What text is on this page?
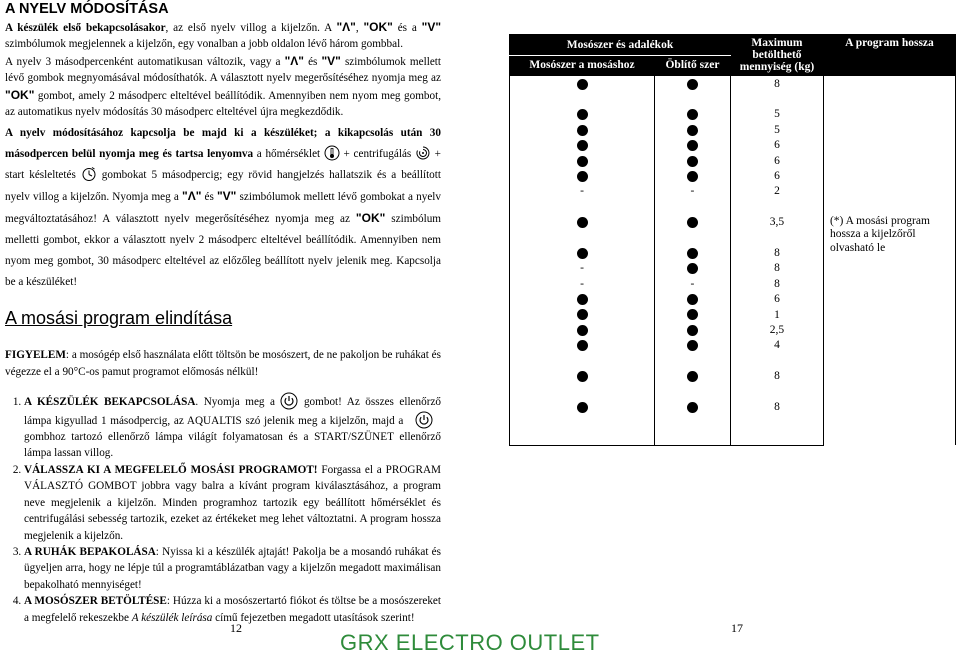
A NYELV MÓDOSÍTÁSA

A készülék első bekapcsolásakor, az első nyelv villog a kijelzőn. A "Λ", "OK" és a "V" szimbólumok megjelennek a kijelzőn, egy vonalban a jobb oldalon lévő három gombbal.

A nyelv 3 másodpercenként automatikusan változik, vagy a "Λ" és "V" szimbólumok mellett lévő gombok megnyomásával módosíthatók. A választott nyelv megerősítéséhez nyomja meg az "OK" gombot, amely 2 másodperc elteltével beállítódik. Amennyiben nem nyom meg gombot, az automatikus nyelv módosítás 30 másodperc elteltével újra megkezdődik.

A nyelv módosításához kapcsolja be majd ki a készüléket; a kikapcsolás után 30 másodpercen belül nyomja meg és tartsa lenyomva a hőmérséklet  + centrifugálás  + start késleltetés  gombokat 5 másodpercig; egy rövid hangjelzés hallatszik és a beállított nyelv villog a kijelzőn. Nyomja meg a "Λ" és "V" szimbólumok mellett lévő gombokat a nyelv megváltoztatásához! A választott nyelv megerősítéséhez nyomja meg az "OK" szimbólum melletti gombot, ekkor a választott nyelv 2 másodperc elteltével beállítódik. Amennyiben nem nyom meg gombot, 30 másodperc elteltével az előzőleg beállított nyelv jelenik meg. Kapcsolja be a készüléket!

A mosási program elindítása

FIGYELEM: a mosógép első használata előtt töltsön be mosószert, de ne pakoljon be ruhákat és végezze el a 90°C-os pamut programot előmosás nélkül!

1. A KÉSZÜLÉK BEKAPCSOLÁSA. Nyomja meg a  gombot! Az összes ellenőrző lámpa kigyullad 1 másodpercig, az AQUALTIS szó jelenik meg a kijelzőn, majd a  gombhoz tartozó ellenőrző lámpa világít folyamatosan és a START/SZÜNET ellenőrző lámpa lassan villog.
2. VÁLASSZA KI A MEGFELELŐ MOSÁSI PROGRAMOT! Forgassa el a PROGRAM VÁLASZTÓ GOMBOT jobbra vagy balra a kívánt program kiválasztásához, a program neve megjelenik a kijelzőn. Minden programhoz tartozik egy beállított hőmérséklet és centrifugálási sebesség tartozik, ezeket az értékeket meg lehet változtatni. A program hossza megjelenik a kijelzőn.
3. A RUHÁK BEPAKOLÁSA: Nyissa ki a készülék ajtaját! Pakolja be a mosandó ruhákat és ügyeljen arra, hogy ne lépje túl a programtáblázatban vagy a kijelzőn megadott maximálisan bepakolható mennyiséget!
4. A MOSÓSZER BETÖLTÉSE: Húzza ki a mosószertartó fiókot és töltse be a mosószereket a megfelelő rekeszekbe A készülék leírása című fejezetben megadott utasítások szerint!
12	17
GRX ELECTRO OUTLET
Mosószer és adalékok		Maximum betölthető mennyiség (kg)	A program hossza
Mosószer a mosáshoz	Öblítő szer		
		8	

		5	
		5	
		6	
		6	
		6	
-	-	2	

		3,5	(*) A mosási program hossza a kijelzőről olvasható le

		8	
-		8	
-	-	8	
		6	
		1	
		2,5	
		4	

		8	

		8	
